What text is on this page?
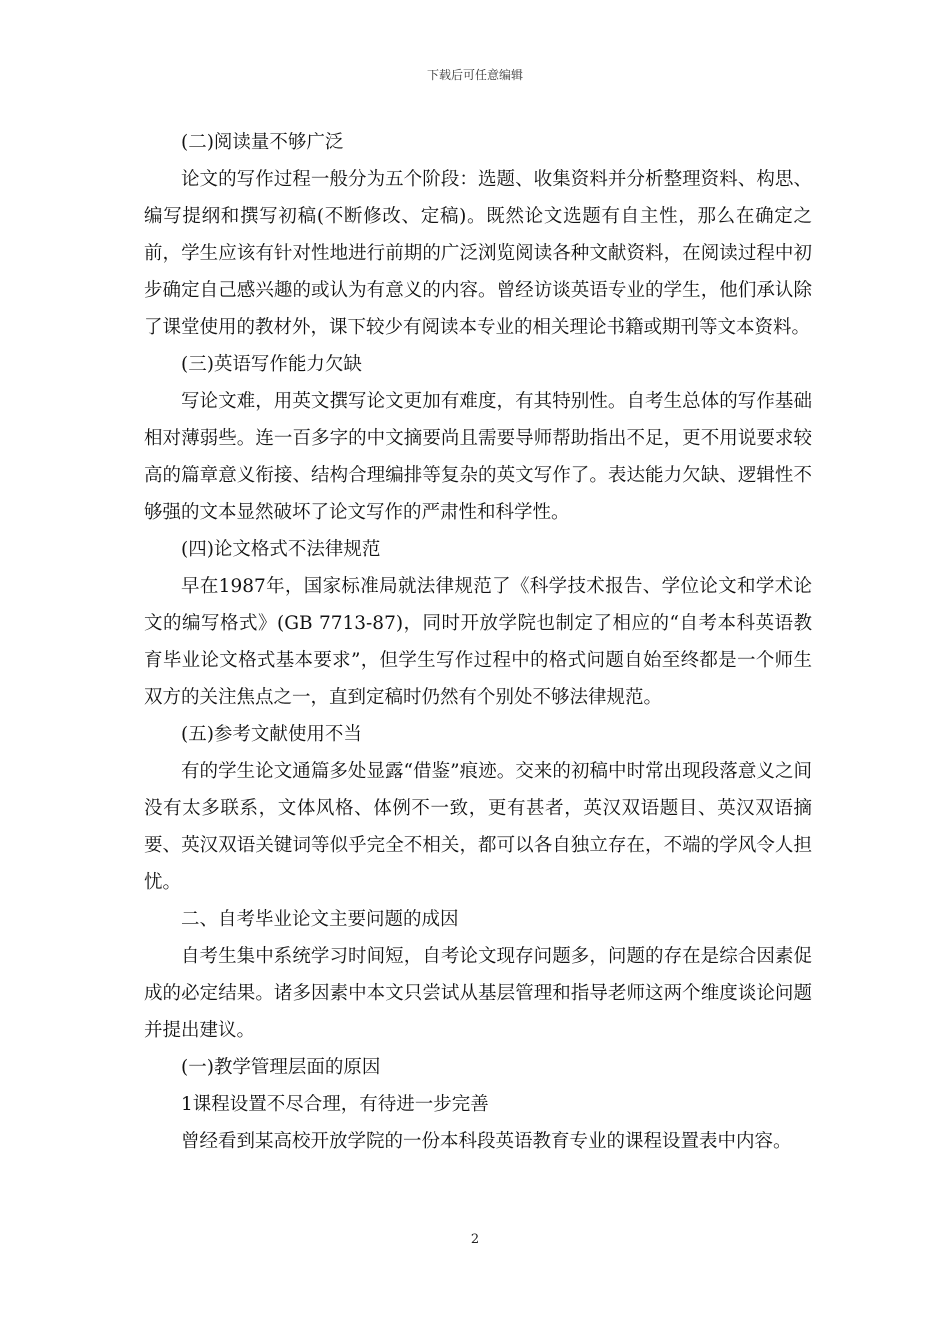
下载后可任意编辑

(二)阅读量不够广泛

论文的写作过程一般分为五个阶段：选题、收集资料并分析整理资料、构思、编写提纲和撰写初稿(不断修改、定稿)。既然论文选题有自主性，那么在确定之前，学生应该有针对性地进行前期的广泛浏览阅读各种文献资料，在阅读过程中初步确定自己感兴趣的或认为有意义的内容。曾经访谈英语专业的学生，他们承认除了课堂使用的教材外，课下较少有阅读本专业的相关理论书籍或期刊等文本资料。

(三)英语写作能力欠缺

写论文难，用英文撰写论文更加有难度，有其特别性。自考生总体的写作基础相对薄弱些。连一百多字的中文摘要尚且需要导师帮助指出不足，更不用说要求较高的篇章意义衔接、结构合理编排等复杂的英文写作了。表达能力欠缺、逻辑性不够强的文本显然破坏了论文写作的严肃性和科学性。

(四)论文格式不法律规范

早在1987年，国家标准局就法律规范了《科学技术报告、学位论文和学术论文的编写格式》(GB 7713-87)，同时开放学院也制定了相应的“自考本科英语教育毕业论文格式基本要求”，但学生写作过程中的格式问题自始至终都是一个师生双方的关注焦点之一，直到定稿时仍然有个别处不够法律规范。

(五)参考文献使用不当

有的学生论文通篇多处显露“借鉴”痕迹。交来的初稿中时常出现段落意义之间没有太多联系，文体风格、体例不一致，更有甚者，英汉双语题目、英汉双语摘要、英汉双语关键词等似乎完全不相关，都可以各自独立存在，不端的学风令人担忧。

二、自考毕业论文主要问题的成因

自考生集中系统学习时间短，自考论文现存问题多，问题的存在是综合因素促成的必定结果。诸多因素中本文只尝试从基层管理和指导老师这两个维度谈论问题并提出建议。

(一)教学管理层面的原因

1课程设置不尽合理，有待进一步完善

曾经看到某高校开放学院的一份本科段英语教育专业的课程设置表中内容。

2
